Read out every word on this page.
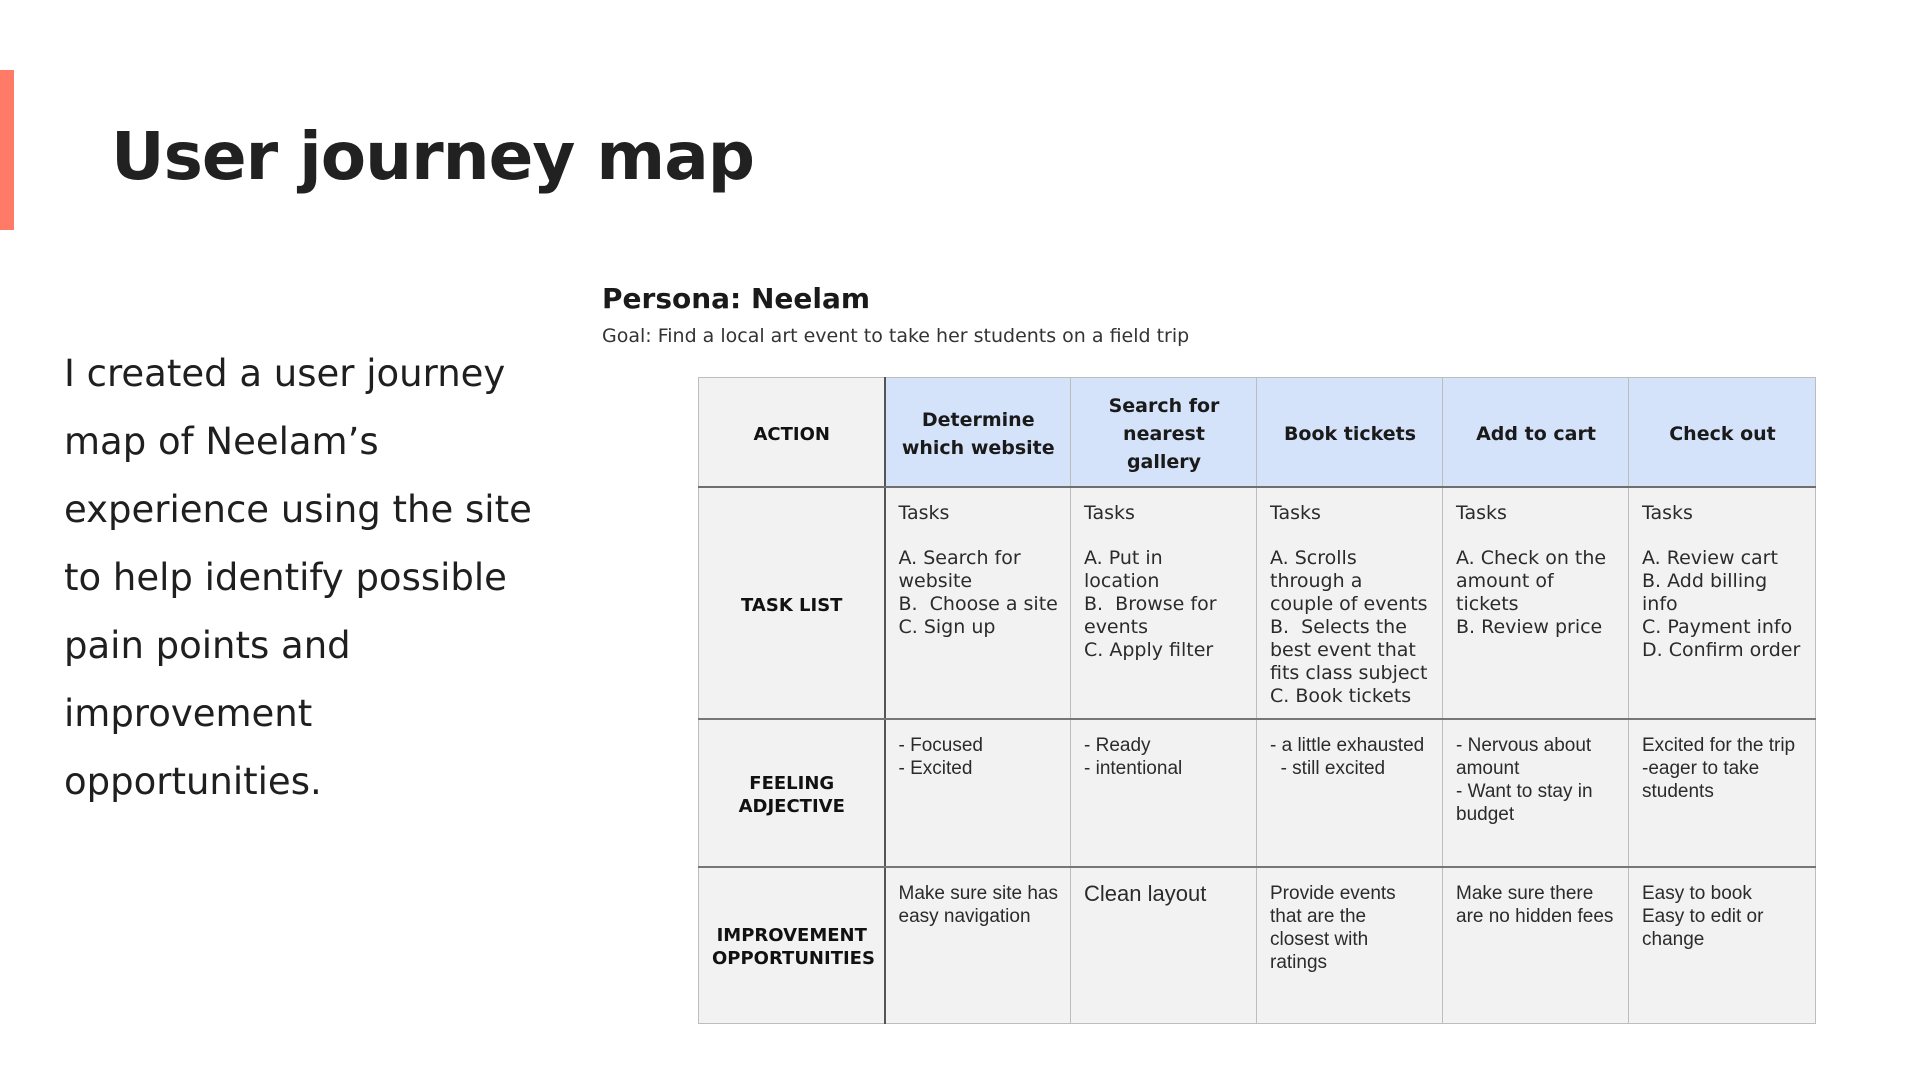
User journey map

I created a user journey map of Neelam’s experience using the site to help identify possible pain points and improvement opportunities.

Persona: Neelam
Goal: Find a local art event to take her students on a field trip
ACTION	Determine which website	Search for nearest gallery	Book tickets	Add to cart	Check out
TASK LIST	Tasks
A. Search for website
B.  Choose a site
C. Sign up	Tasks
A. Put in location
B.  Browse for events
C. Apply filter	Tasks
A. Scrolls through a couple of events
B.  Selects the best event that fits class subject
C. Book tickets	Tasks
A. Check on the amount of tickets
B. Review price	Tasks
A. Review cart
B. Add billing info
C. Payment info
D. Confirm order

FEELING
ADJECTIVE	- Focused
- Excited	- Ready
- intentional	- a little exhausted
- still excited	- Nervous about amount
- Want to stay in budget	Excited for the trip
-eager to take students

IMPROVEMENT
OPPORTUNITIES	Make sure site has easy navigation	Clean layout	Provide events that are the closest with ratings	Make sure there are no hidden fees	Easy to book
Easy to edit or change
